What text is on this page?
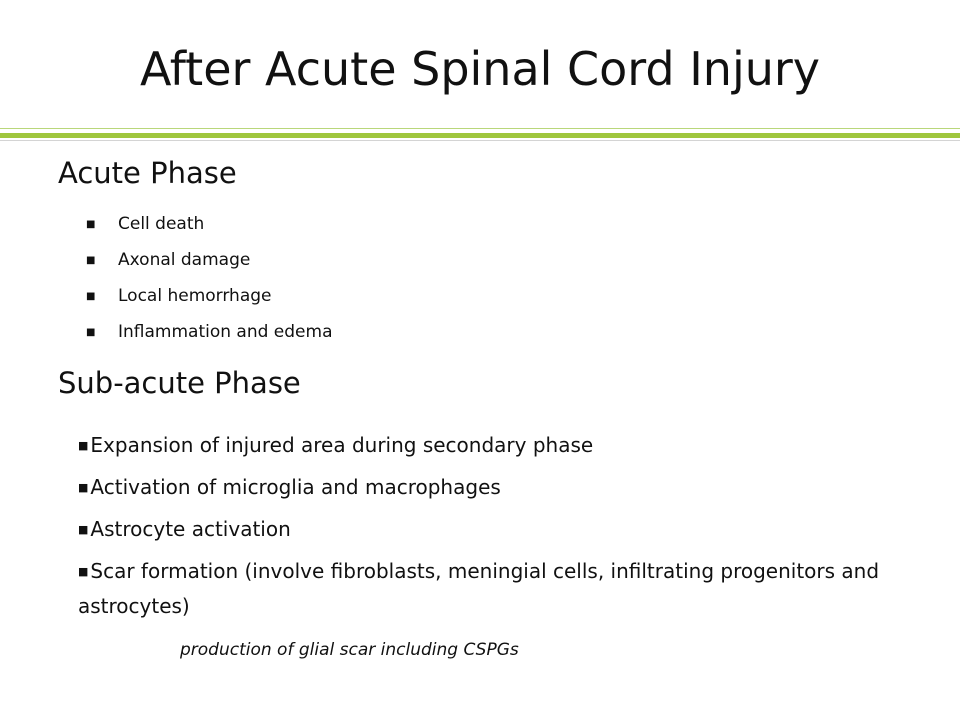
After Acute Spinal Cord Injury
Acute Phase
■ Cell death
■ Axonal damage
■ Local hemorrhage
■ Inflammation and edema
Sub-acute Phase
■ Expansion of injured area during secondary phase
■ Activation of microglia and macrophages
■ Astrocyte activation
■ Scar formation (involve fibroblasts, meningial cells, infiltrating progenitors and astrocytes)
production of glial scar including CSPGs
